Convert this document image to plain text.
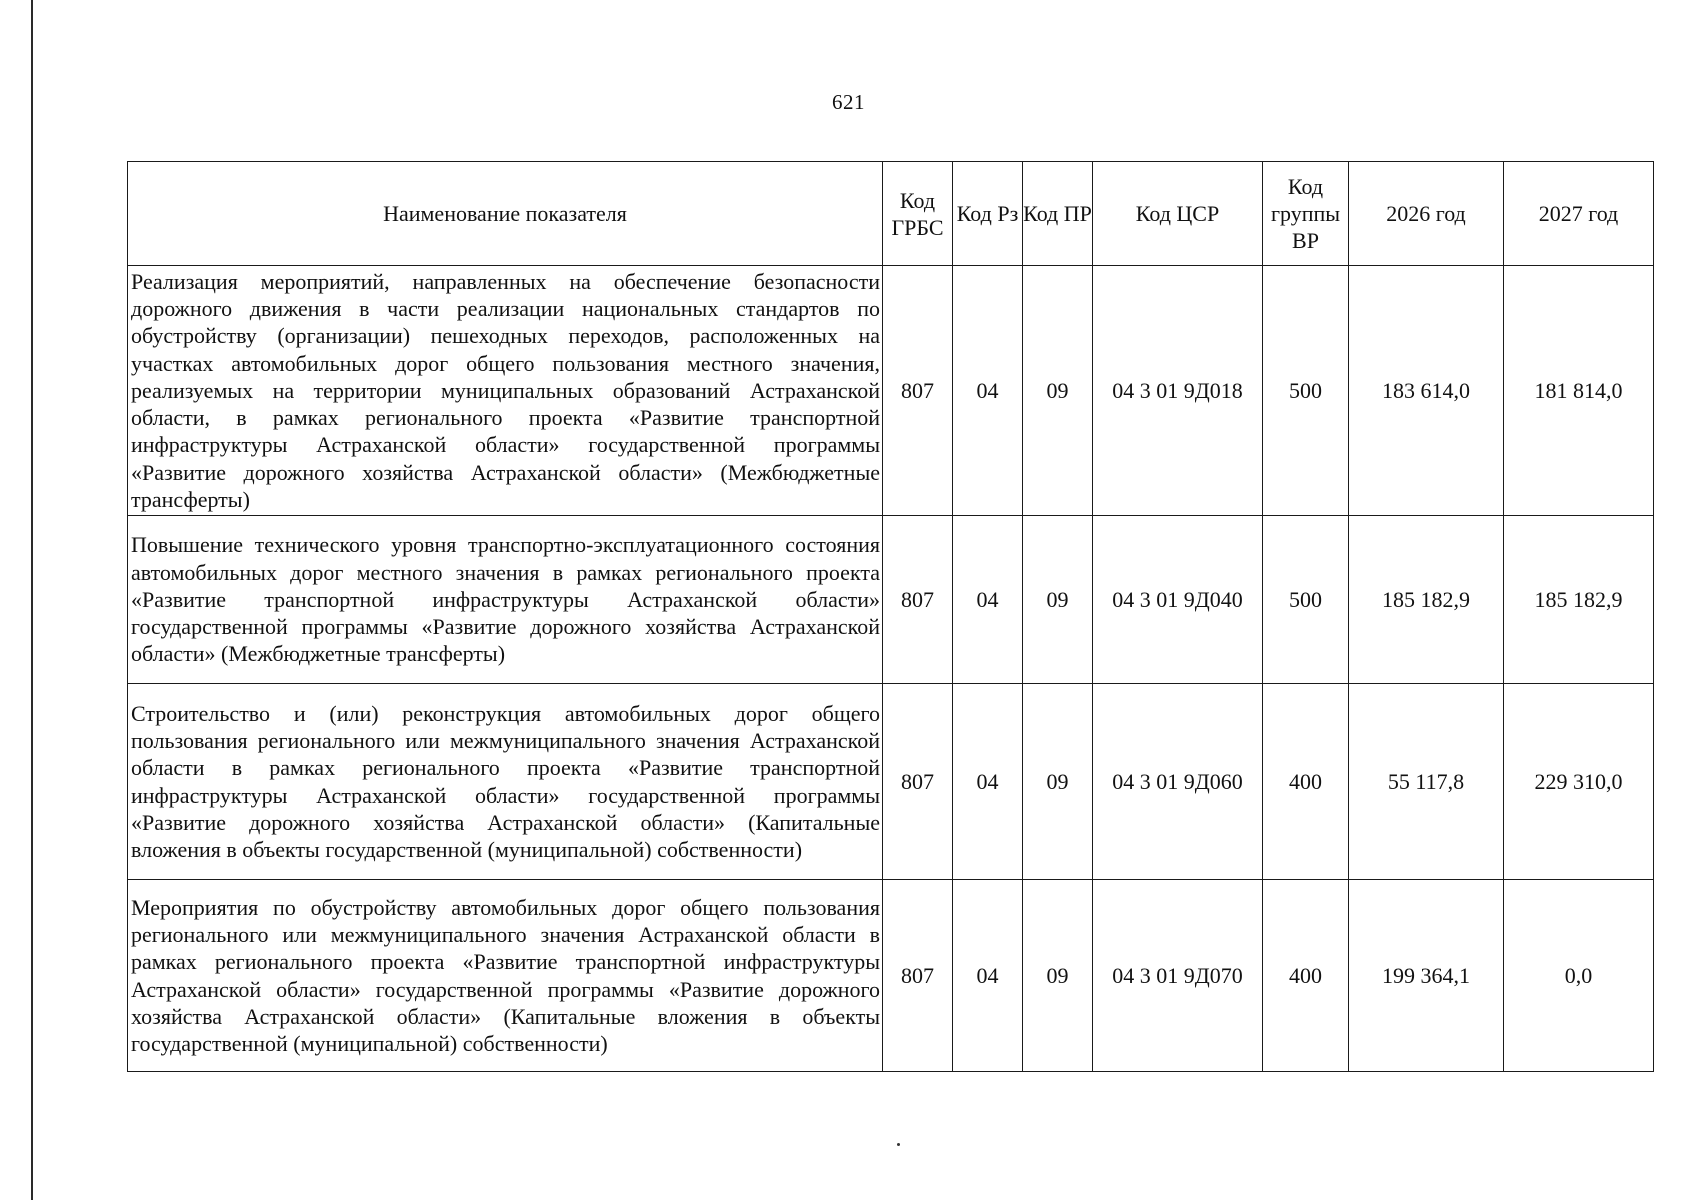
621
Наименование показателя	Код ГРБС	Код Рз	Код ПР	Код ЦСР	Код группы ВР	2026 год	2027 год
Реализация мероприятий, направленных на обеспечение безопасности дорожного движения в части реализации национальных стандартов по обустройству (организации) пешеходных переходов, расположенных на участках автомобильных дорог общего пользования местного значения, реализуемых на территории муниципальных образований Астраханской области, в рамках регионального проекта «Развитие транспортной инфраструктуры Астраханской области» государственной программы «Развитие дорожного хозяйства Астраханской области» (Межбюджетные трансферты)	807	04	09	04 3 01 9Д018	500	183 614,0	181 814,0
Повышение технического уровня транспортно-эксплуатационного состояния автомобильных дорог местного значения в рамках регионального проекта «Развитие транспортной инфраструктуры Астраханской области» государственной программы «Развитие дорожного хозяйства Астраханской области» (Межбюджетные трансферты)	807	04	09	04 3 01 9Д040	500	185 182,9	185 182,9
Строительство и (или) реконструкция автомобильных дорог общего пользования регионального или межмуниципального значения Астраханской области в рамках регионального проекта «Развитие транспортной инфраструктуры Астраханской области» государственной программы «Развитие дорожного хозяйства Астраханской области» (Капитальные вложения в объекты государственной (муниципальной) собственности)	807	04	09	04 3 01 9Д060	400	55 117,8	229 310,0
Мероприятия по обустройству автомобильных дорог общего пользования регионального или межмуниципального значения Астраханской области в рамках регионального проекта «Развитие транспортной инфраструктуры Астраханской области» государственной программы «Развитие дорожного хозяйства Астраханской области» (Капитальные вложения в объекты государственной (муниципальной) собственности)	807	04	09	04 3 01 9Д070	400	199 364,1	0,0
